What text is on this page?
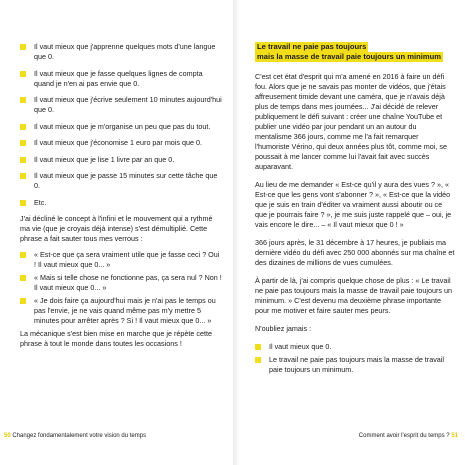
Il vaut mieux que j'apprenne quelques mots d'une langue que 0.
Il vaut mieux que je fasse quelques lignes de compta quand je n'en ai pas envie que 0.
Il vaut mieux que j'écrive seulement 10 minutes aujourd'hui que 0.
Il vaut mieux que je m'organise un peu que pas du tout.
Il vaut mieux que j'économise 1 euro par mois que 0.
Il vaut mieux que je lise 1 livre par an que 0.
Il vaut mieux que je passe 15 minutes sur cette tâche que 0.
Etc.

J'ai décliné le concept à l'infini et le mouvement qui a rythmé ma vie (que je croyais déjà intense) s'est démultiplié. Cette phrase a fait sauter tous mes verrous :

« Est-ce que ça sera vraiment utile que je fasse ceci ? Oui ! Il vaut mieux que 0... »
« Mais si telle chose ne fonctionne pas, ça sera nul ? Non ! Il vaut mieux que 0... »
« Je dois faire ça aujourd'hui mais je n'ai pas le temps ou pas l'envie, je ne vais quand même pas m'y mettre 5 minutes pour arrêter après ? Si ! Il vaut mieux que 0... »

La mécanique s'est bien mise en marche que je répète cette phrase à tout le monde dans toutes les occasions !

50 Changez fondamentalement votre vision du temps
Le travail ne paie pas toujours
mais la masse de travail paie toujours un minimum

C'est cet état d'esprit qui m'a amené en 2016 à faire un défi fou. Alors que je ne savais pas monter de vidéos, que j'étais affreusement timide devant une caméra, que je n'avais déjà plus de temps dans mes journées... J'ai décidé de relever publiquement le défi suivant : créer une chaîne YouTube et publier une vidéo par jour pendant un an autour du mentalisme 366 jours, comme me l'a fait remarquer l'humoriste Vérino, qui deux années plus tôt, comme moi, se poussait à me lancer comme lui l'avait fait avec succès auparavant.

Au lieu de me demander « Est-ce qu'il y aura des vues ? », « Est-ce que les gens vont s'abonner ? », « Est-ce que la vidéo que je suis en train d'éditer va vraiment aussi aboutir ou ce que je pourrais faire ? », je me suis juste rappelé que – oui, je vais encore le dire... – « Il vaut mieux que 0 ! »

366 jours après, le 31 décembre à 17 heures, je publiais ma dernière vidéo du défi avec 250 000 abonnés sur ma chaîne et des dizaines de millions de vues cumulées.

À partir de là, j'ai compris quelque chose de plus : « Le travail ne paie pas toujours mais la masse de travail paie toujours un minimum. » C'est devenu ma deuxième phrase importante pour me motiver et faire sauter mes peurs.

N'oubliez jamais :

Il vaut mieux que 0.
Le travail ne paie pas toujours mais la masse de travail paie toujours un minimum.
Comment avoir l'esprit du temps ? 51
